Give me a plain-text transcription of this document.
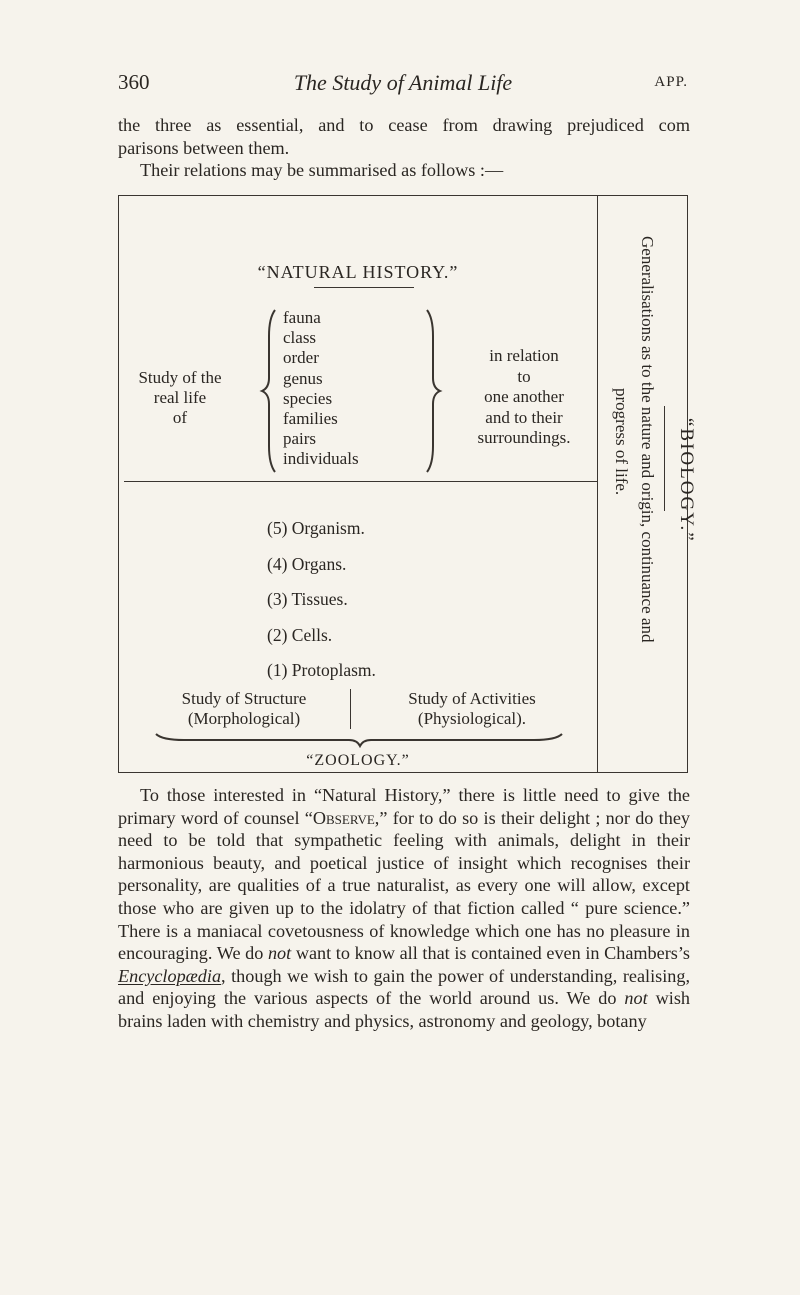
360	The Study of Animal Life	APP.
the three as essential, and to cease from drawing prejudiced com
parisons between them.
Their relations may be summarised as follows :—
“NATURAL HISTORY.”
Study of the
real life
of
fauna
class
order
genus
species
families
pairs
individuals
in relation
to
one another
and to their
surroundings.
(5) Organism.
(4) Organs.
(3) Tissues.
(2) Cells.
(1) Protoplasm.
Study of Structure
(Morphological)
Study of Activities
(Physiological).
“ZOOLOGY.”
Generalisations as to the nature and origin, continuance and
progress of life. “BIOLOGY.”

To those interested in “Natural History,” there is little need to give the primary word of counsel “Observe,” for to do so is their delight ; nor do they need to be told that sympathetic feeling with animals, delight in their harmonious beauty, and poetical justice of insight which recognises their personality, are qualities of a true naturalist, as every one will allow, except those who are given up to the idolatry of that fiction called “ pure science.” There is a maniacal covetousness of knowledge which one has no pleasure in encouraging. We do not want to know all that is contained even in Chambers’s Encyclopædia, though we wish to gain the power of understanding, realising, and enjoying the various aspects of the world around us. We do not wish brains laden with chemistry and physics, astronomy and geology, botany
